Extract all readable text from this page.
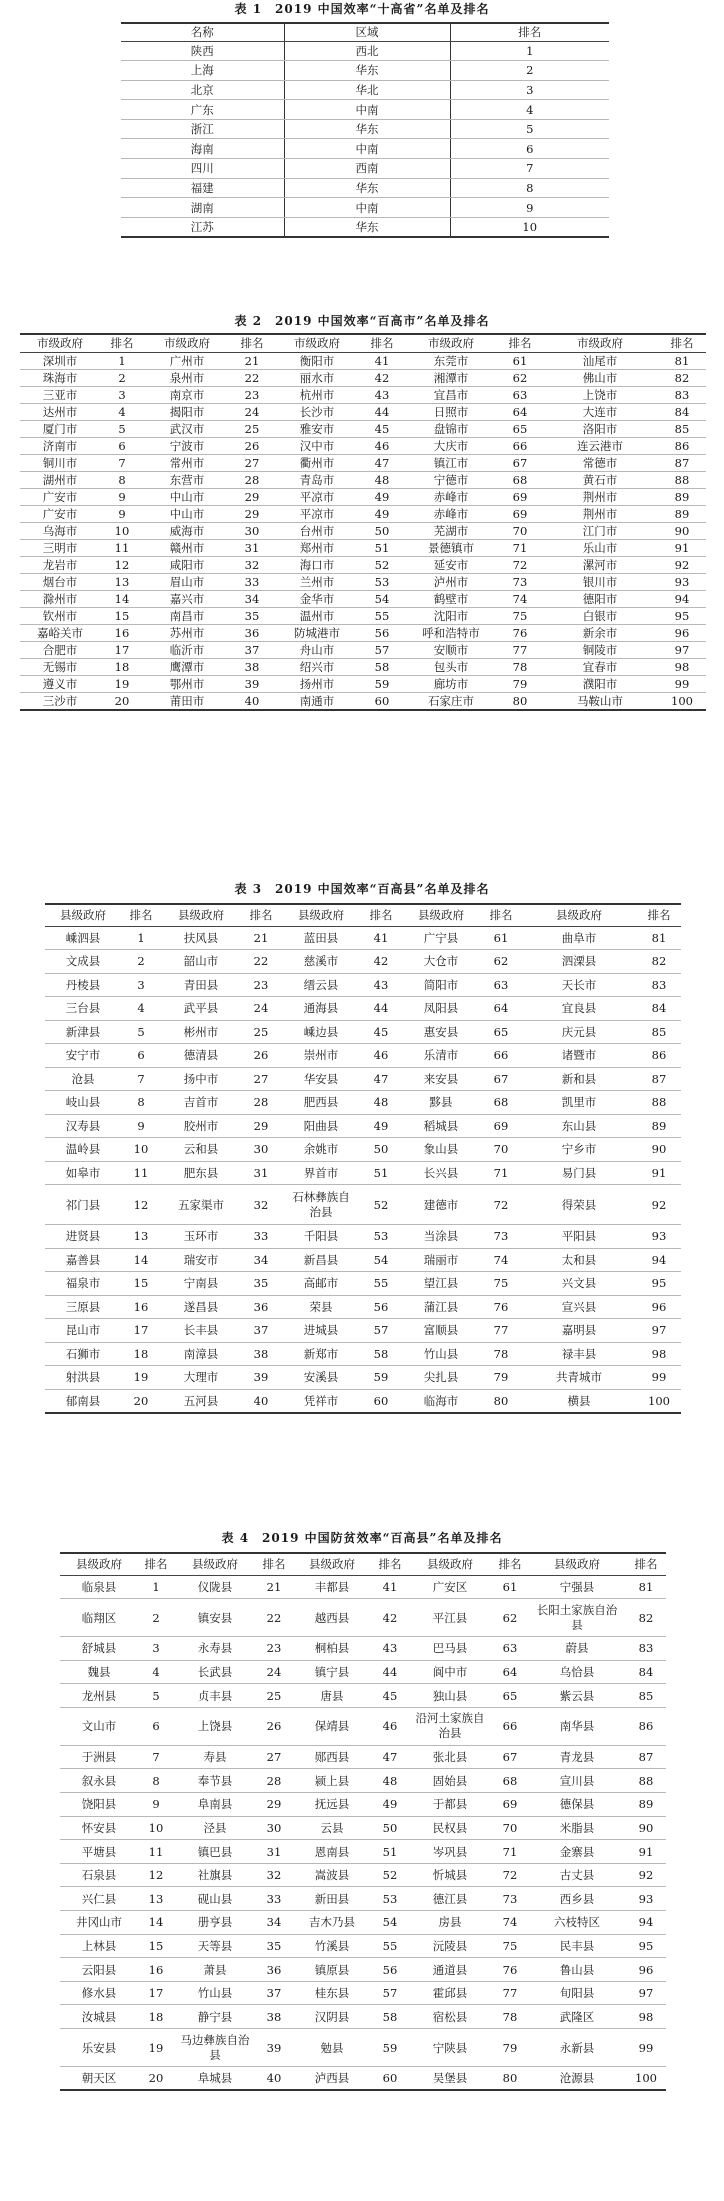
表 1　2019 中国效率“十高省”名单及排名
名称	区域	排名
陕西	西北	1
上海	华东	2
北京	华北	3
广东	中南	4
浙江	华东	5
海南	中南	6
四川	西南	7
福建	华东	8
湖南	中南	9
江苏	华东	10
表 2　2019 中国效率“百高市”名单及排名
市级政府	排名	市级政府	排名	市级政府	排名	市级政府	排名	市级政府	排名
深圳市	1	广州市	21	衡阳市	41	东莞市	61	汕尾市	81
珠海市	2	泉州市	22	丽水市	42	湘潭市	62	佛山市	82
三亚市	3	南京市	23	杭州市	43	宜昌市	63	上饶市	83
达州市	4	揭阳市	24	长沙市	44	日照市	64	大连市	84
厦门市	5	武汉市	25	雅安市	45	盘锦市	65	洛阳市	85
济南市	6	宁波市	26	汉中市	46	大庆市	66	连云港市	86
铜川市	7	常州市	27	衢州市	47	镇江市	67	常德市	87
湖州市	8	东营市	28	青岛市	48	宁德市	68	黄石市	88
广安市	9	中山市	29	平凉市	49	赤峰市	69	荆州市	89
广安市	9	中山市	29	平凉市	49	赤峰市	69	荆州市	89
乌海市	10	威海市	30	台州市	50	芜湖市	70	江门市	90
三明市	11	赣州市	31	郑州市	51	景德镇市	71	乐山市	91
龙岩市	12	咸阳市	32	海口市	52	延安市	72	漯河市	92
烟台市	13	眉山市	33	兰州市	53	泸州市	73	银川市	93
滁州市	14	嘉兴市	34	金华市	54	鹤壁市	74	德阳市	94
钦州市	15	南昌市	35	温州市	55	沈阳市	75	白银市	95
嘉峪关市	16	苏州市	36	防城港市	56	呼和浩特市	76	新余市	96
合肥市	17	临沂市	37	舟山市	57	安顺市	77	铜陵市	97
无锡市	18	鹰潭市	38	绍兴市	58	包头市	78	宜春市	98
遵义市	19	鄂州市	39	扬州市	59	廊坊市	79	濮阳市	99
三沙市	20	莆田市	40	南通市	60	石家庄市	80	马鞍山市	100
表 3　2019 中国效率“百高县”名单及排名
县级政府	排名	县级政府	排名	县级政府	排名	县级政府	排名	县级政府	排名
嵊泗县	1	扶风县	21	蓝田县	41	广宁县	61	曲阜市	81
文成县	2	韶山市	22	慈溪市	42	大仓市	62	泗溧县	82
丹棱县	3	青田县	23	缙云县	43	简阳市	63	天长市	83
三台县	4	武平县	24	通海县	44	凤阳县	64	宜良县	84
新津县	5	彬州市	25	嵊边县	45	惠安县	65	庆元县	85
安宁市	6	德清县	26	崇州市	46	乐清市	66	诸暨市	86
沧县	7	扬中市	27	华安县	47	来安县	67	新和县	87
岐山县	8	吉首市	28	肥西县	48	黟县	68	凯里市	88
汉寿县	9	胶州市	29	阳曲县	49	稻城县	69	东山县	89
温岭县	10	云和县	30	余姚市	50	象山县	70	宁乡市	90
如皋市	11	肥东县	31	界首市	51	长兴县	71	易门县	91
祁门县	12	五家渠市	32	石林彝族自治县	52	建德市	72	得荣县	92
进贤县	13	玉环市	33	千阳县	53	当涂县	73	平阳县	93
嘉善县	14	瑞安市	34	新昌县	54	瑞丽市	74	太和县	94
福泉市	15	宁南县	35	高邮市	55	望江县	75	兴文县	95
三原县	16	遂昌县	36	荣县	56	蒲江县	76	宣兴县	96
昆山市	17	长丰县	37	进城县	57	富顺县	77	嘉明县	97
石狮市	18	南漳县	38	新郑市	58	竹山县	78	禄丰县	98
射洪县	19	大理市	39	安溪县	59	尖扎县	79	共青城市	99
郁南县	20	五河县	40	凭祥市	60	临海市	80	横县	100
表 4　2019 中国防贫效率“百高县”名单及排名
县级政府	排名	县级政府	排名	县级政府	排名	县级政府	排名	县级政府	排名
临泉县	1	仪陇县	21	丰都县	41	广安区	61	宁强县	81
临翔区	2	镇安县	22	越西县	42	平江县	62	长阳土家族自治县	82
舒城县	3	永寿县	23	桐柏县	43	巴马县	63	蔚县	83
魏县	4	长武县	24	镇宁县	44	阆中市	64	乌恰县	84
龙州县	5	贞丰县	25	唐县	45	独山县	65	紫云县	85
文山市	6	上饶县	26	保靖县	46	沿河土家族自治县	66	南华县	86
于洲县	7	寿县	27	郧西县	47	张北县	67	青龙县	87
叙永县	8	奉节县	28	颍上县	48	固始县	68	宣川县	88
饶阳县	9	阜南县	29	抚远县	49	于都县	69	德保县	89
怀安县	10	泾县	30	云县	50	民权县	70	米脂县	90
平塘县	11	镇巴县	31	恩南县	51	岑巩县	71	金寨县	91
石泉县	12	社旗县	32	嵩波县	52	忻城县	72	古丈县	92
兴仁县	13	砚山县	33	新田县	53	德江县	73	西乡县	93
井冈山市	14	册亨县	34	吉木乃县	54	房县	74	六枝特区	94
上林县	15	天等县	35	竹溪县	55	沅陵县	75	民丰县	95
云阳县	16	萧县	36	镇原县	56	通道县	76	鲁山县	96
修水县	17	竹山县	37	桂东县	57	霍邱县	77	旬阳县	97
汝城县	18	静宁县	38	汉阴县	58	宿松县	78	武隆区	98
乐安县	19	马边彝族自治县	39	勉县	59	宁陕县	79	永新县	99
朝天区	20	阜城县	40	泸西县	60	吴堡县	80	沧源县	100
